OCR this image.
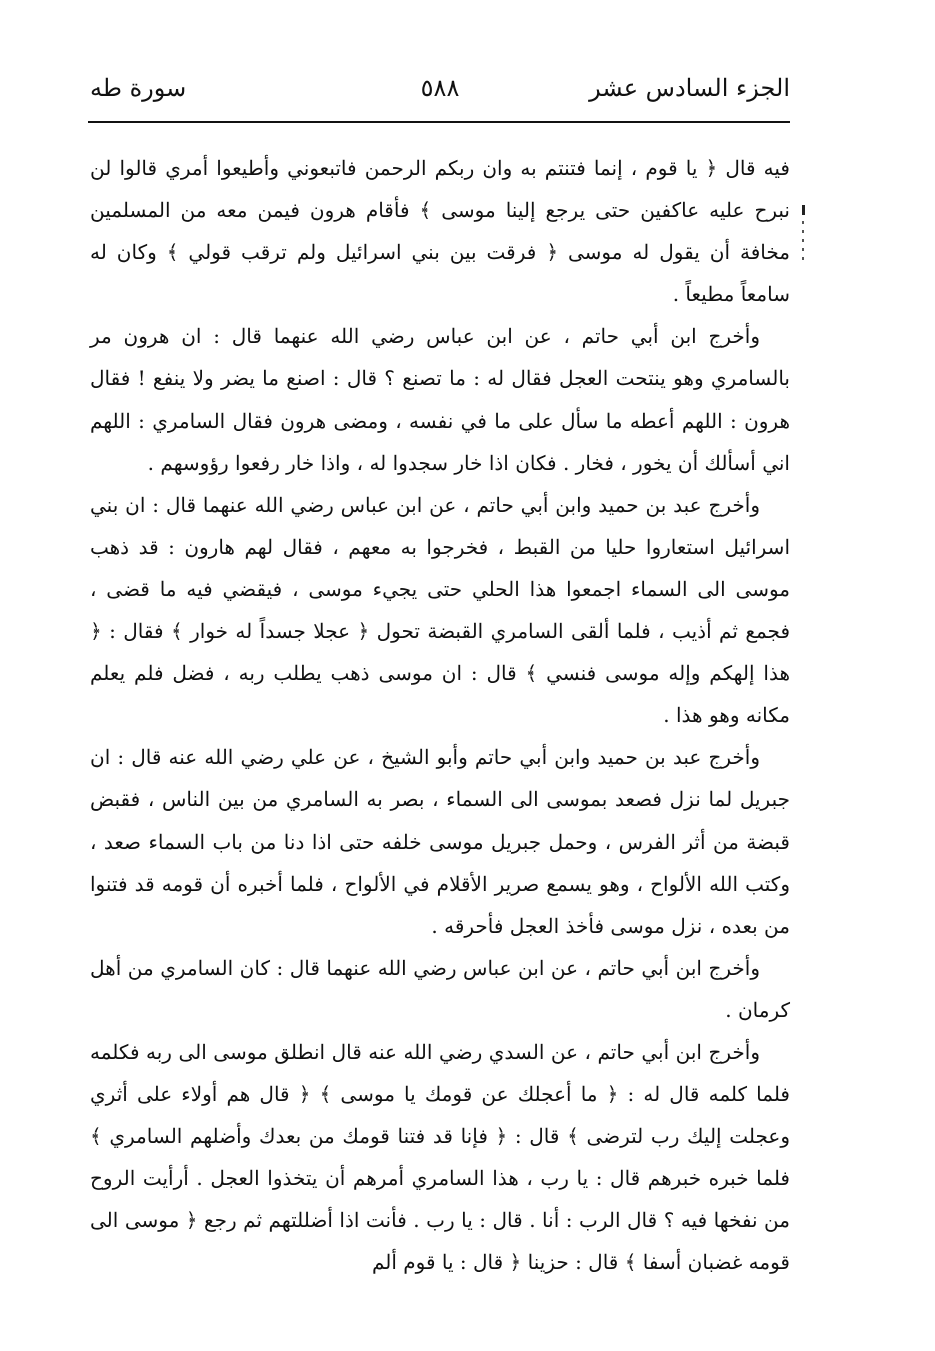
الجزء السادس عشر
٥٨٨
سورة طه

فيه قال ﴿ يا قوم ، إنما فتنتم به وان ربكم الرحمن فاتبعوني وأطيعوا أمري قالوا لن نبرح عليه عاكفين حتى يرجع إلينا موسى ﴾ فأقام هرون فيمن معه من المسلمين مخافة أن يقول له موسى ﴿ فرقت بين بني اسرائيل ولم ترقب قولي ﴾ وكان له سامعاً مطيعاً .

وأخرج ابن أبي حاتم ، عن ابن عباس رضي الله عنهما قال : ان هرون مر بالسامري وهو ينتحت العجل فقال له : ما تصنع ؟ قال : اصنع ما يضر ولا ينفع ! فقال هرون : اللهم أعطه ما سأل على ما في نفسه ، ومضى هرون فقال السامري : اللهم اني أسألك أن يخور ، فخار . فكان اذا خار سجدوا له ، واذا خار رفعوا رؤوسهم .

وأخرج عبد بن حميد وابن أبي حاتم ، عن ابن عباس رضي الله عنهما قال : ان بني اسرائيل استعاروا حليا من القبط ، فخرجوا به معهم ، فقال لهم هارون : قد ذهب موسى الى السماء اجمعوا هذا الحلي حتى يجيء موسى ، فيقضي فيه ما قضى ، فجمع ثم أذيب ، فلما ألقى السامري القبضة تحول ﴿ عجلا جسداً له خوار ﴾ فقال : ﴿ هذا إلهكم وإله موسى فنسي ﴾ قال : ان موسى ذهب يطلب ربه ، فضل فلم يعلم مكانه وهو هذا .

وأخرج عبد بن حميد وابن أبي حاتم وأبو الشيخ ، عن علي رضي الله عنه قال : ان جبريل لما نزل فصعد بموسى الى السماء ، بصر به السامري من بين الناس ، فقبض قبضة من أثر الفرس ، وحمل جبريل موسى خلفه حتى اذا دنا من باب السماء صعد ، وكتب الله الألواح ، وهو يسمع صرير الأقلام في الألواح ، فلما أخبره أن قومه قد فتنوا من بعده ، نزل موسى فأخذ العجل فأحرقه .

وأخرج ابن أبي حاتم ، عن ابن عباس رضي الله عنهما قال : كان السامري من أهل كرمان .

وأخرج ابن أبي حاتم ، عن السدي رضي الله عنه قال انطلق موسى الى ربه فكلمه فلما كلمه قال له : ﴿ ما أعجلك عن قومك يا موسى ﴾ ﴿ قال هم أولاء على أثري وعجلت إليك رب لترضى ﴾ قال : ﴿ فإنا قد فتنا قومك من بعدك وأضلهم السامري ﴾ فلما خبره خبرهم قال : يا رب ، هذا السامري أمرهم أن يتخذوا العجل . أرأيت الروح من نفخها فيه ؟ قال الرب : أنا . قال : يا رب . فأنت اذا أضللتهم ثم رجع ﴿ موسى الى قومه غضبان أسفا ﴾ قال : حزينا ﴿ قال : يا قوم ألم
